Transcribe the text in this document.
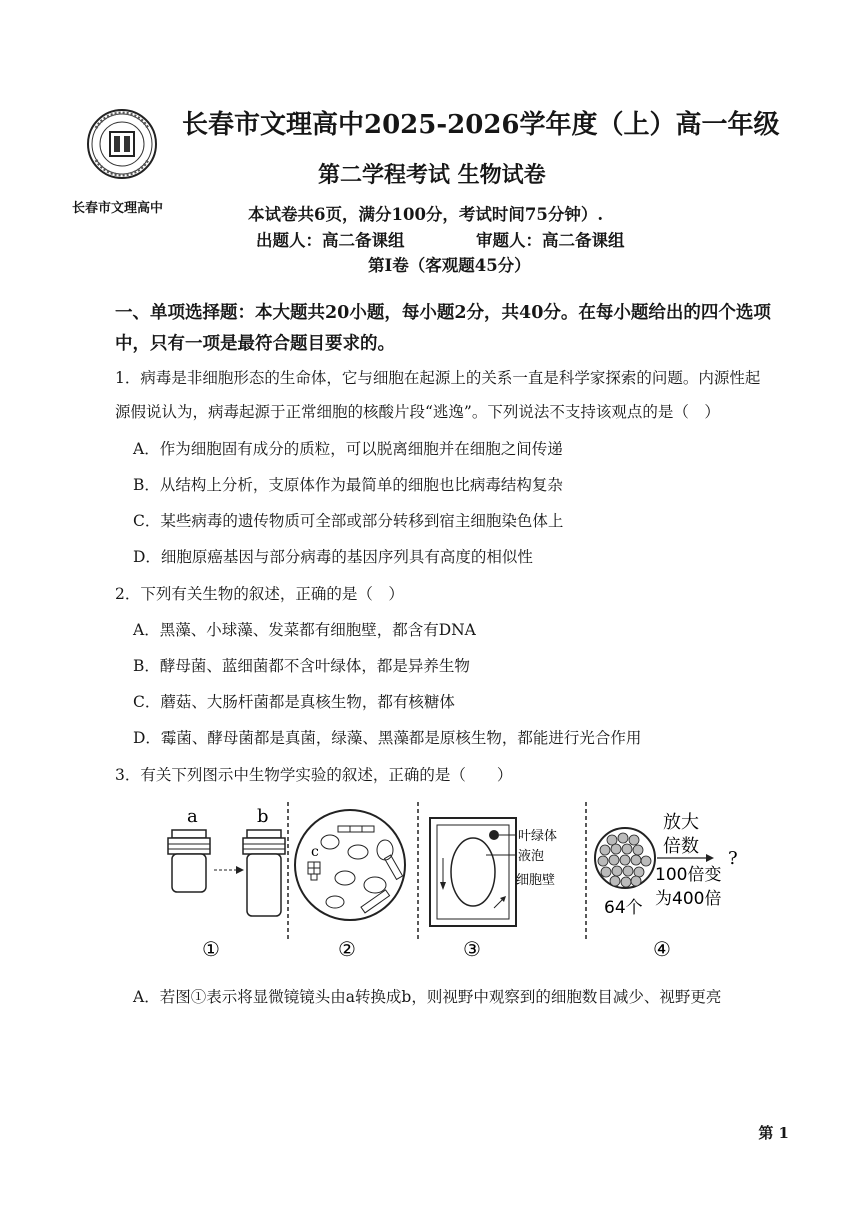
长春市文理高中
长春市文理高中2025-2026学年度（上）高一年级
第二学程考试 生物试卷
本试卷共6页，满分100分，考试时间75分钟）.
出题人：高二备课组	审题人：高二备课组
第Ⅰ卷（客观题45分）
一、单项选择题：本大题共20小题，每小题2分，共40分。在每小题给出的四个选项中，只有一项是最符合题目要求的。
1．病毒是非细胞形态的生命体，它与细胞在起源上的关系一直是科学家探索的问题。内源性起
源假说认为，病毒起源于正常细胞的核酸片段“逃逸”。下列说法不支持该观点的是（　）
A．作为细胞固有成分的质粒，可以脱离细胞并在细胞之间传递
B．从结构上分析，支原体作为最简单的细胞也比病毒结构复杂
C．某些病毒的遗传物质可全部或部分转移到宿主细胞染色体上
D．细胞原癌基因与部分病毒的基因序列具有高度的相似性
2．下列有关生物的叙述，正确的是（　）
A．黑藻、小球藻、发菜都有细胞壁，都含有DNA
B．酵母菌、蓝细菌都不含叶绿体，都是异养生物
C．蘑菇、大肠杆菌都是真核生物，都有核糖体
D．霉菌、酵母菌都是真菌，绿藻、黑藻都是原核生物，都能进行光合作用
3．有关下列图示中生物学实验的叙述，正确的是（　　）
a	b
①
c
②
叶绿体
液泡
细胞壁
③
放大
倍数
?
100倍变
为400倍
64个
④
A．若图①表示将显微镜镜头由a转换成b，则视野中观察到的细胞数目减少、视野更亮
第 1
